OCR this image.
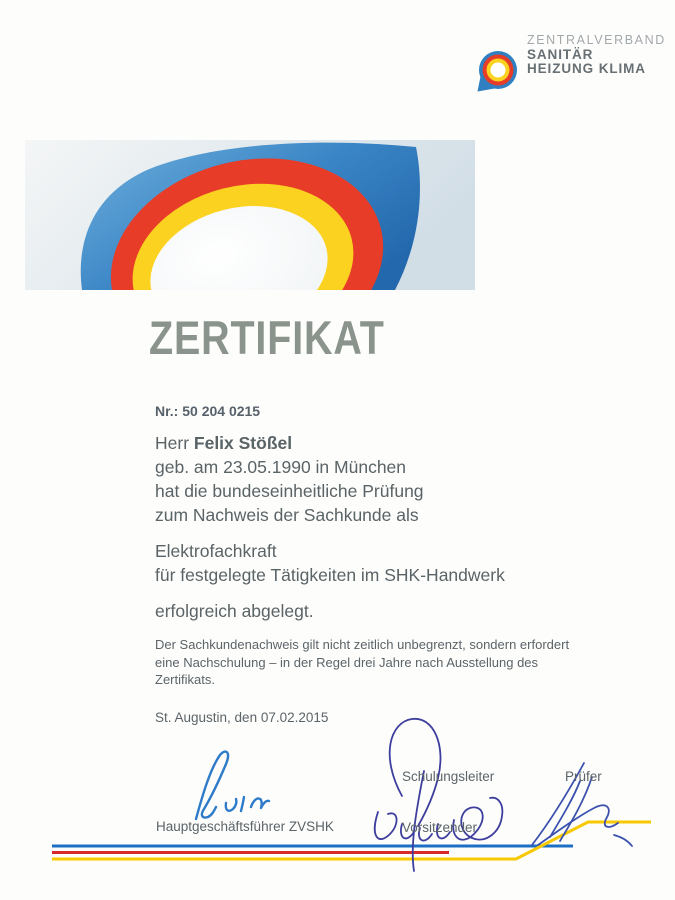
ZENTRALVERBAND
SANITÄR
HEIZUNG KLIMA
ZERTIFIKAT
Nr.: 50 204 0215
Herr Felix Stößel
geb. am 23.05.1990 in München
hat die bundeseinheitliche Prüfung
zum Nachweis der Sachkunde als
Elektrofachkraft
für festgelegte Tätigkeiten im SHK-Handwerk
erfolgreich abgelegt.
Der Sachkundenachweis gilt nicht zeitlich unbegrenzt, sondern erfordert
eine Nachschulung – in der Regel drei Jahre nach Ausstellung des
Zertifikats.
St. Augustin, den 07.02.2015
Schulungsleiter	Prüfer
Hauptgeschäftsführer ZVSHK	Vorsitzender
